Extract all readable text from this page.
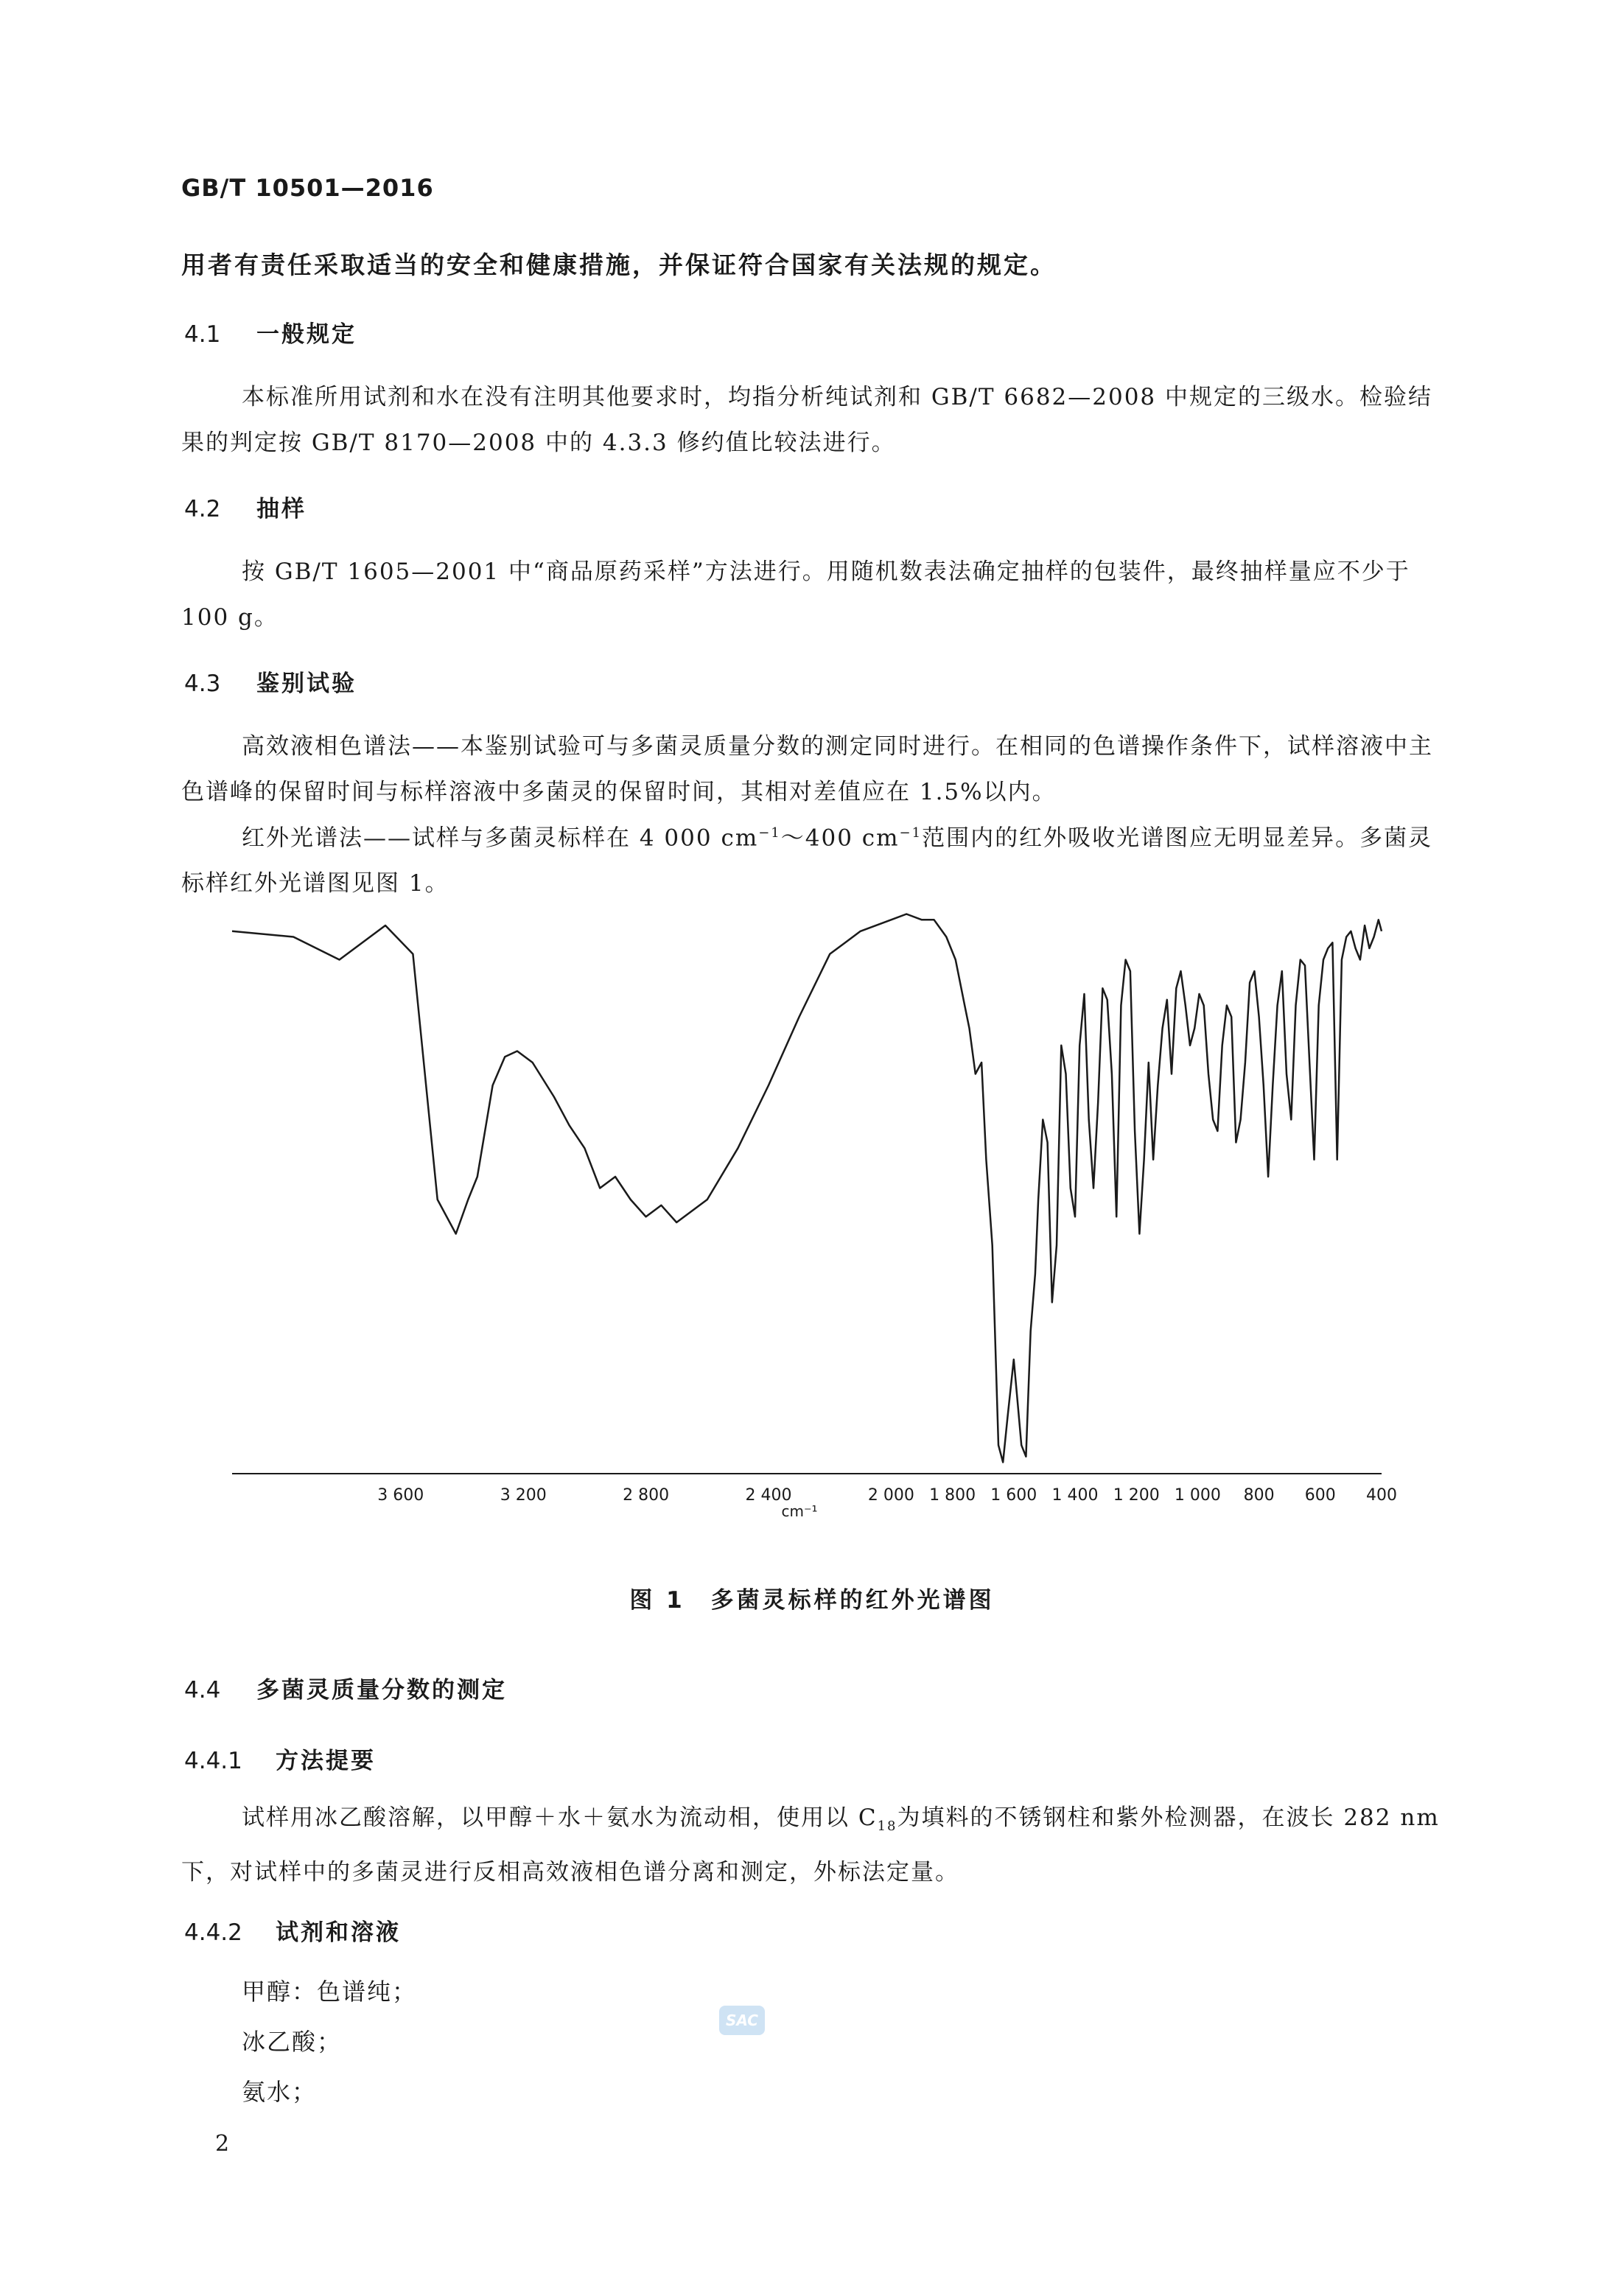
GB/T 10501—2016
用者有责任采取适当的安全和健康措施，并保证符合国家有关法规的规定。
4.1 一般规定

本标准所用试剂和水在没有注明其他要求时，均指分析纯试剂和 GB/T 6682—2008 中规定的三级水。检验结果的判定按 GB/T 8170—2008 中的 4.3.3 修约值比较法进行。

4.2 抽样

按 GB/T 1605—2001 中“商品原药采样”方法进行。用随机数表法确定抽样的包装件，最终抽样量应不少于 100 g。

4.3 鉴别试验

高效液相色谱法——本鉴别试验可与多菌灵质量分数的测定同时进行。在相同的色谱操作条件下，试样溶液中主色谱峰的保留时间与标样溶液中多菌灵的保留时间，其相对差值应在 1.5%以内。

红外光谱法——试样与多菌灵标样在 4 000 $cm^{-1}\sim 400$ $cm^{-1}$范围内的红外吸收光谱图应无明显差异。多菌灵标样红外光谱图见图 1。

3 600	3 200	2 800	2 400	2 000 1 800 1 600 1 400 1 200 1 000 800 600 400
cm⁻¹
图 1　多菌灵标样的红外光谱图
4.4 多菌灵质量分数的测定
4.4.1 方法提要

试样用冰乙酸溶解，以甲醇＋水＋氨水为流动相，使用以 $C_{18}$为填料的不锈钢柱和紫外检测器，在波长 282 nm 下，对试样中的多菌灵进行反相高效液相色谱分离和测定，外标法定量。

4.4.2 试剂和溶液
甲醇：色谱纯；
冰乙酸；
氨水；
SAC
2
